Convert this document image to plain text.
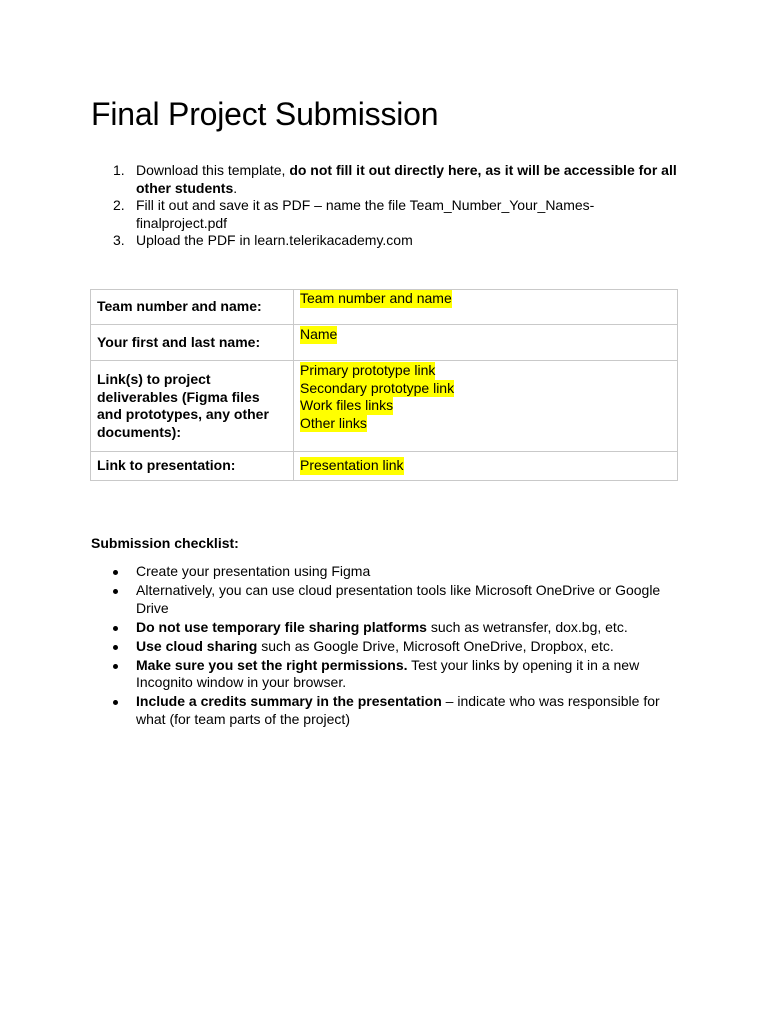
Final Project Submission
1. Download this template, do not fill it out directly here, as it will be accessible for all other students.
2. Fill it out and save it as PDF – name the file Team_Number_Your_Names-finalproject.pdf
3. Upload the PDF in learn.telerikacademy.com
Team number and name:	Team number and name

Your first and last name:	Name

Link(s) to project deliverables (Figma files and prototypes, any other documents):	Primary prototype link
Secondary prototype link
Work files links
Other links

Link to presentation:	Presentation link

Submission checklist:

Create your presentation using Figma
Alternatively, you can use cloud presentation tools like Microsoft OneDrive or Google Drive
Do not use temporary file sharing platforms such as wetransfer, dox.bg, etc.
Use cloud sharing such as Google Drive, Microsoft OneDrive, Dropbox, etc.
Make sure you set the right permissions. Test your links by opening it in a new Incognito window in your browser.
Include a credits summary in the presentation – indicate who was responsible for what (for team parts of the project)
